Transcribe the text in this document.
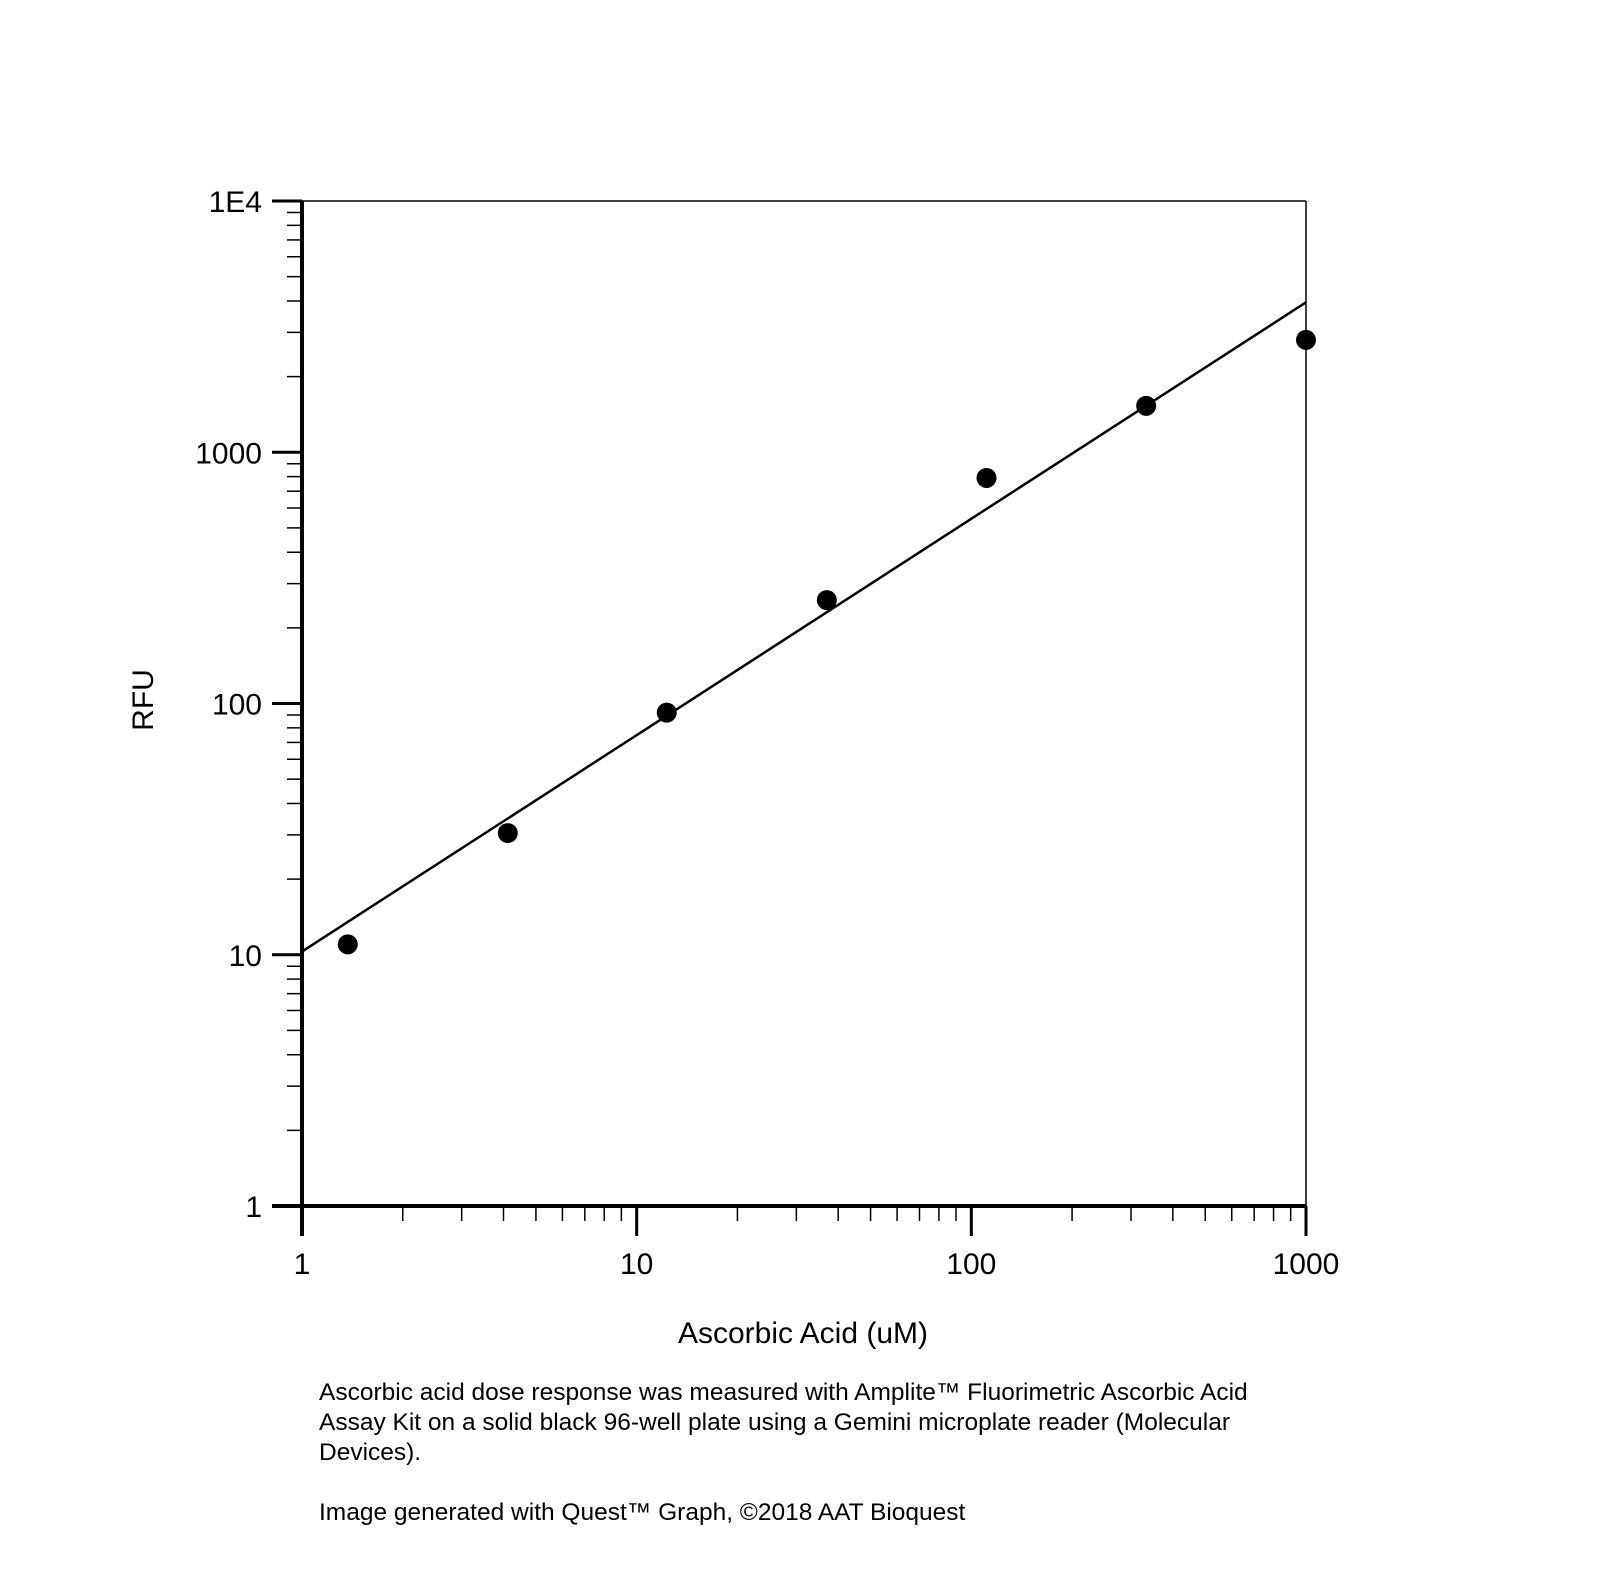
1
10
100
1000
1E4
1	10	100	1000
Ascorbic Acid (uM)
RFU

Ascorbic acid dose response was measured with Amplite™ Fluorimetric Ascorbic Acid Assay Kit on a solid black 96-well plate using a Gemini microplate reader (Molecular Devices).

Image generated with Quest™ Graph, ©2018 AAT Bioquest
